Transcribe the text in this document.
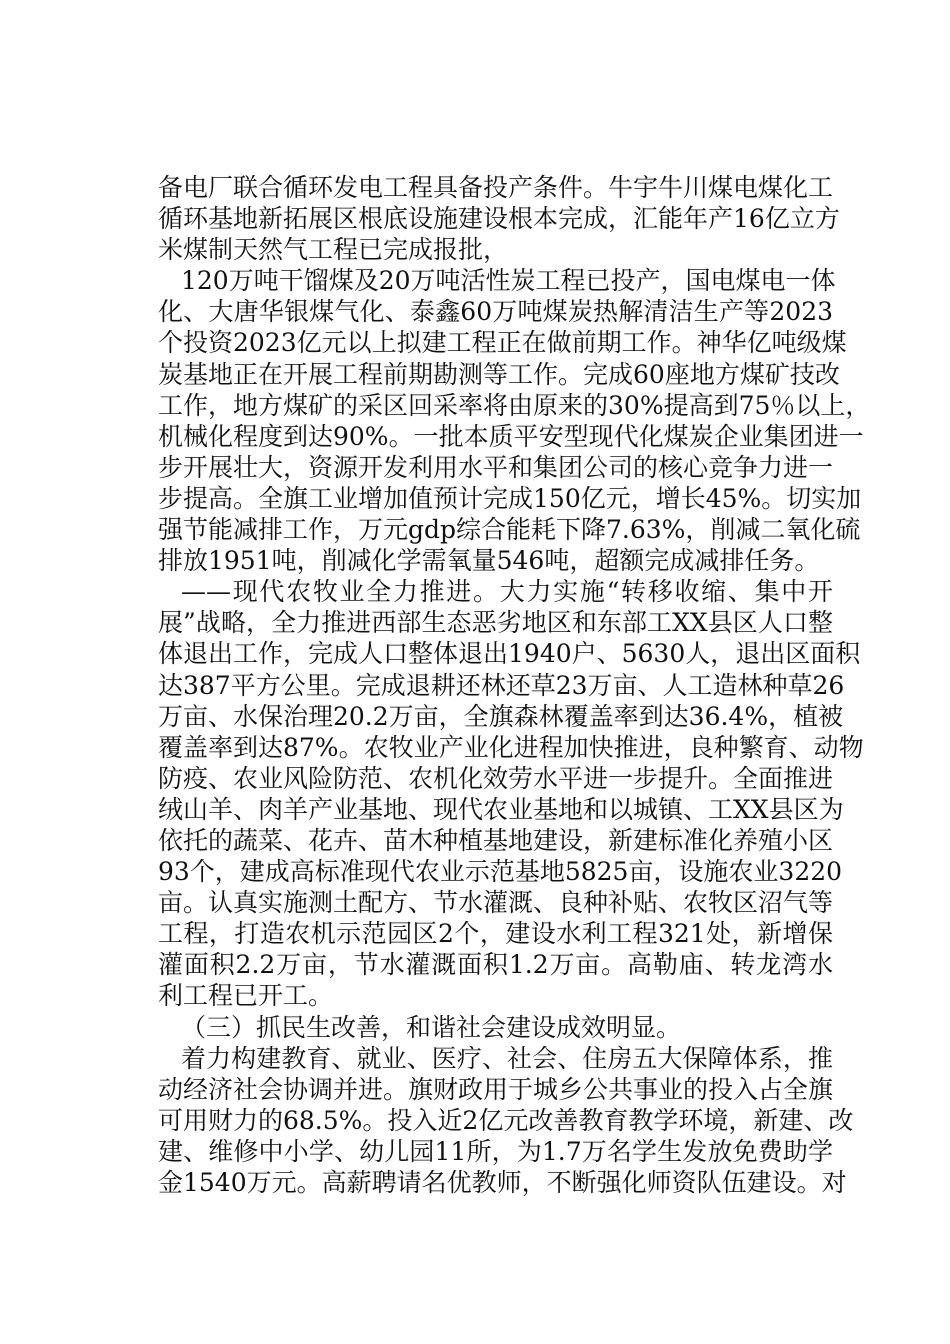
备电厂联合循环发电工程具备投产条件。牛宇牛川煤电煤化工
循环基地新拓展区根底设施建设根本完成，汇能年产16亿立方
米煤制天然气工程已完成报批，
120万吨干馏煤及20万吨活性炭工程已投产，国电煤电一体
化、大唐华银煤气化、泰鑫60万吨煤炭热解清洁生产等2023
个投资2023亿元以上拟建工程正在做前期工作。神华亿吨级煤
炭基地正在开展工程前期勘测等工作。完成60座地方煤矿技改
工作，地方煤矿的采区回采率将由原来的30%提高到75％以上，
机械化程度到达90%。一批本质平安型现代化煤炭企业集团进一
步开展壮大，资源开发利用水平和集团公司的核心竞争力进一
步提高。全旗工业增加值预计完成150亿元，增长45%。切实加
强节能减排工作，万元gdp综合能耗下降7.63%，削减二氧化硫
排放1951吨，削减化学需氧量546吨，超额完成减排任务。
——现代农牧业全力推进。大力实施“转移收缩、集中开
展”战略，全力推进西部生态恶劣地区和东部工XX县区人口整
体退出工作，完成人口整体退出1940户、5630人，退出区面积
达387平方公里。完成退耕还林还草23万亩、人工造林种草26
万亩、水保治理20.2万亩，全旗森林覆盖率到达36.4%，植被
覆盖率到达87%。农牧业产业化进程加快推进，良种繁育、动物
防疫、农业风险防范、农机化效劳水平进一步提升。全面推进
绒山羊、肉羊产业基地、现代农业基地和以城镇、工XX县区为
依托的蔬菜、花卉、苗木种植基地建设，新建标准化养殖小区
93个，建成高标准现代农业示范基地5825亩，设施农业3220
亩。认真实施测土配方、节水灌溉、良种补贴、农牧区沼气等
工程，打造农机示范园区2个，建设水利工程321处，新增保
灌面积2.2万亩，节水灌溉面积1.2万亩。高勒庙、转龙湾水
利工程已开工。
（三）抓民生改善，和谐社会建设成效明显。
着力构建教育、就业、医疗、社会、住房五大保障体系，推
动经济社会协调并进。旗财政用于城乡公共事业的投入占全旗
可用财力的68.5%。投入近2亿元改善教育教学环境，新建、改
建、维修中小学、幼儿园11所，为1.7万名学生发放免费助学
金1540万元。高薪聘请名优教师，不断强化师资队伍建设。对
